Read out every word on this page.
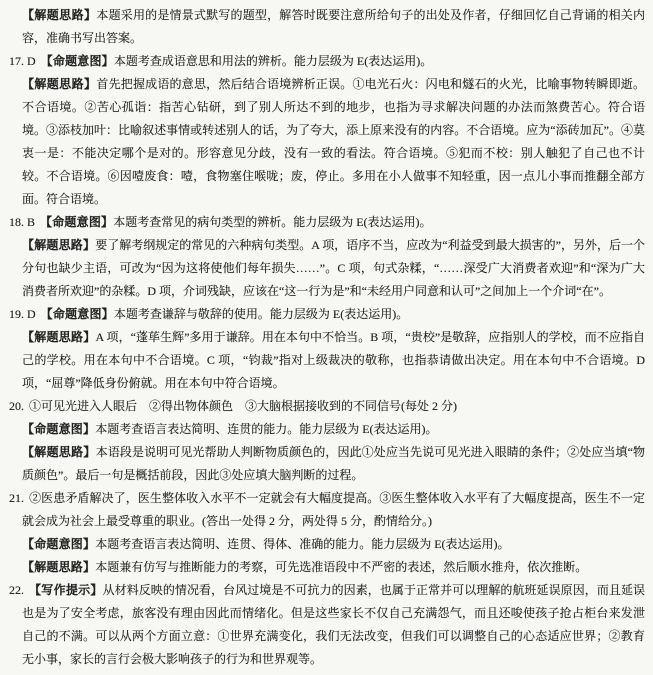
【解题思路】本题采用的是情景式默写的题型，解答时既要注意所给句子的出处及作者，仔细回忆自己背诵的相关内容，准确书写出答案。

17. D 【命题意图】本题考查成语意思和用法的辨析。能力层级为 E(表达运用)。

【解题思路】首先把握成语的意思，然后结合语境辨析正误。①电光石火：闪电和燧石的火光，比喻事物转瞬即逝。不合语境。②苦心孤诣：指苦心钻研，到了别人所达不到的地步，也指为寻求解决问题的办法而煞费苦心。符合语境。③添枝加叶：比喻叙述事情或转述别人的话，为了夸大，添上原来没有的内容。不合语境。应为“添砖加瓦”。④莫衷一是：不能决定哪个是对的。形容意见分歧，没有一致的看法。符合语境。⑤犯而不校：别人触犯了自己也不计较。不合语境。⑥因噎废食：噎，食物塞住喉咙；废，停止。多用在小人做事不知轻重，因一点儿小事而推翻全部方面。符合语境。

18. B 【命题意图】本题考查常见的病句类型的辨析。能力层级为 E(表达运用)。

【解题思路】要了解考纲规定的常见的六种病句类型。A 项，语序不当，应改为“利益受到最大损害的”，另外，后一个分句也缺少主语，可改为“因为这将使他们每年损失……”。C 项，句式杂糅，“……深受广大消费者欢迎”和“深为广大消费者所欢迎”的杂糅。D 项，介词残缺，应该在“这一行为是”和“未经用户同意和认可”之间加上一个介词“在”。

19. D 【命题意图】本题考查谦辞与敬辞的使用。能力层级为 E(表达运用)。

【解题思路】A 项，“蓬荜生辉”多用于谦辞。用在本句中不恰当。B 项，“贵校”是敬辞，应指别人的学校，而不应指自己的学校。用在本句中不合语境。C 项，“钧裁”指对上级裁决的敬称，也指恭请做出决定。用在本句中不合语境。D 项，“屈尊”降低身份俯就。用在本句中符合语境。

20. ①可见光进入人眼后　②得出物体颜色　③大脑根据接收到的不同信号(每处 2 分)

【命题意图】本题考查语言表达简明、连贯的能力。能力层级为 E(表达运用)。

【解题思路】本语段是说明可见光帮助人判断物质颜色的，因此①处应当先说可见光进入眼睛的条件；②处应当填“物质颜色”。最后一句是概括前段，因此③处应填大脑判断的过程。

21. ②医患矛盾解决了，医生整体收入水平不一定就会有大幅度提高。③医生整体收入水平有了大幅度提高，医生不一定就会成为社会上最受尊重的职业。(答出一处得 2 分，两处得 5 分，酌情给分。)

【命题意图】本题考查语言表达简明、连贯、得体、准确的能力。能力层级为 E(表达运用)。

【解题思路】本题兼有仿写与推断能力的考察，可先选准语段中不严密的表述，然后顺水推舟，依次推断。

22. 【写作提示】从材料反映的情况看，台风过境是不可抗力的因素，也属于正常并可以理解的航班延误原因，而且延误也是为了安全考虑，旅客没有理由因此而情绪化。但是这些家长不仅自己充满怨气，而且还唆使孩子抢占柜台来发泄自己的不满。可以从两个方面立意：①世界充满变化，我们无法改变，但我们可以调整自己的心态适应世界；②教育无小事，家长的言行会极大影响孩子的行为和世界观等。
